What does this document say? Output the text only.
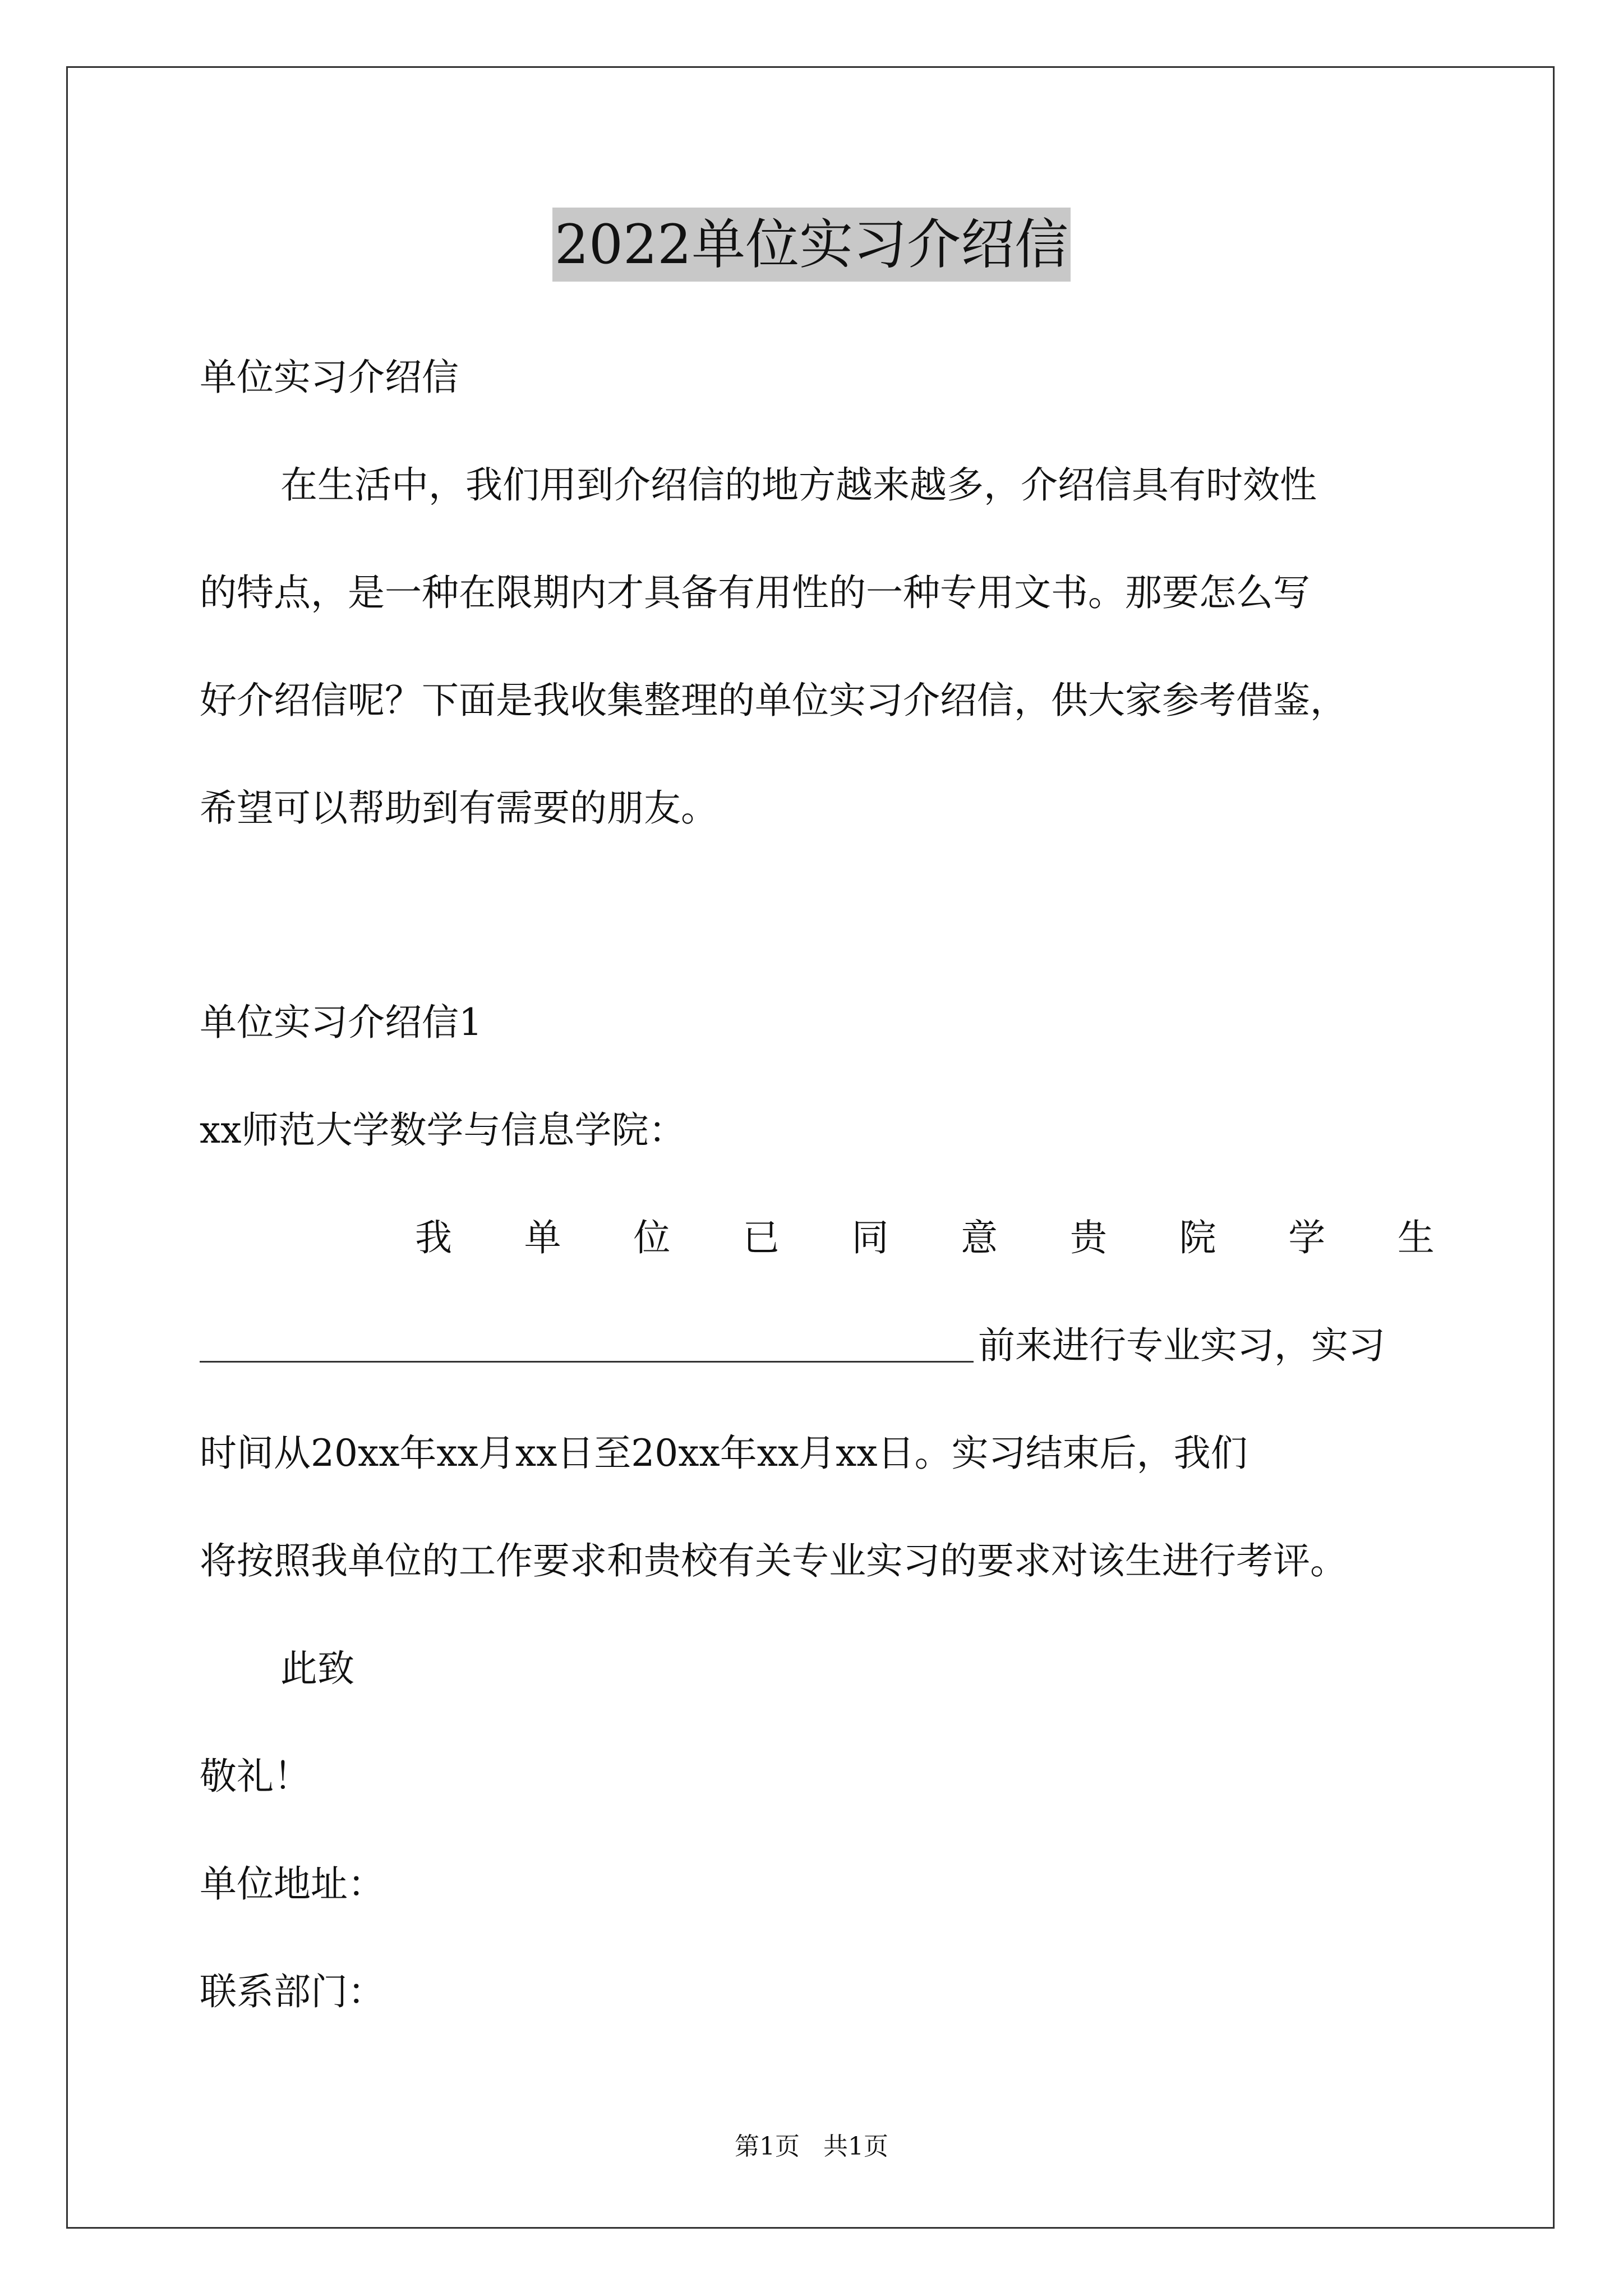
2022单位实习介绍信
单位实习介绍信
在生活中，我们用到介绍信的地方越来越多，介绍信具有时效性
的特点，是一种在限期内才具备有用性的一种专用文书。那要怎么写
好介绍信呢？下面是我收集整理的单位实习介绍信，供大家参考借鉴，
希望可以帮助到有需要的朋友。
单位实习介绍信1
xx师范大学数学与信息学院：
我 单 位 已 同 意 贵 院 学 生
前来进行专业实习，实习
时间从20xx年xx月xx日至20xx年xx月xx日。实习结束后，我们
将按照我单位的工作要求和贵校有关专业实习的要求对该生进行考评。
此致
敬礼！
单位地址：
联系部门：
第1页   共1页
